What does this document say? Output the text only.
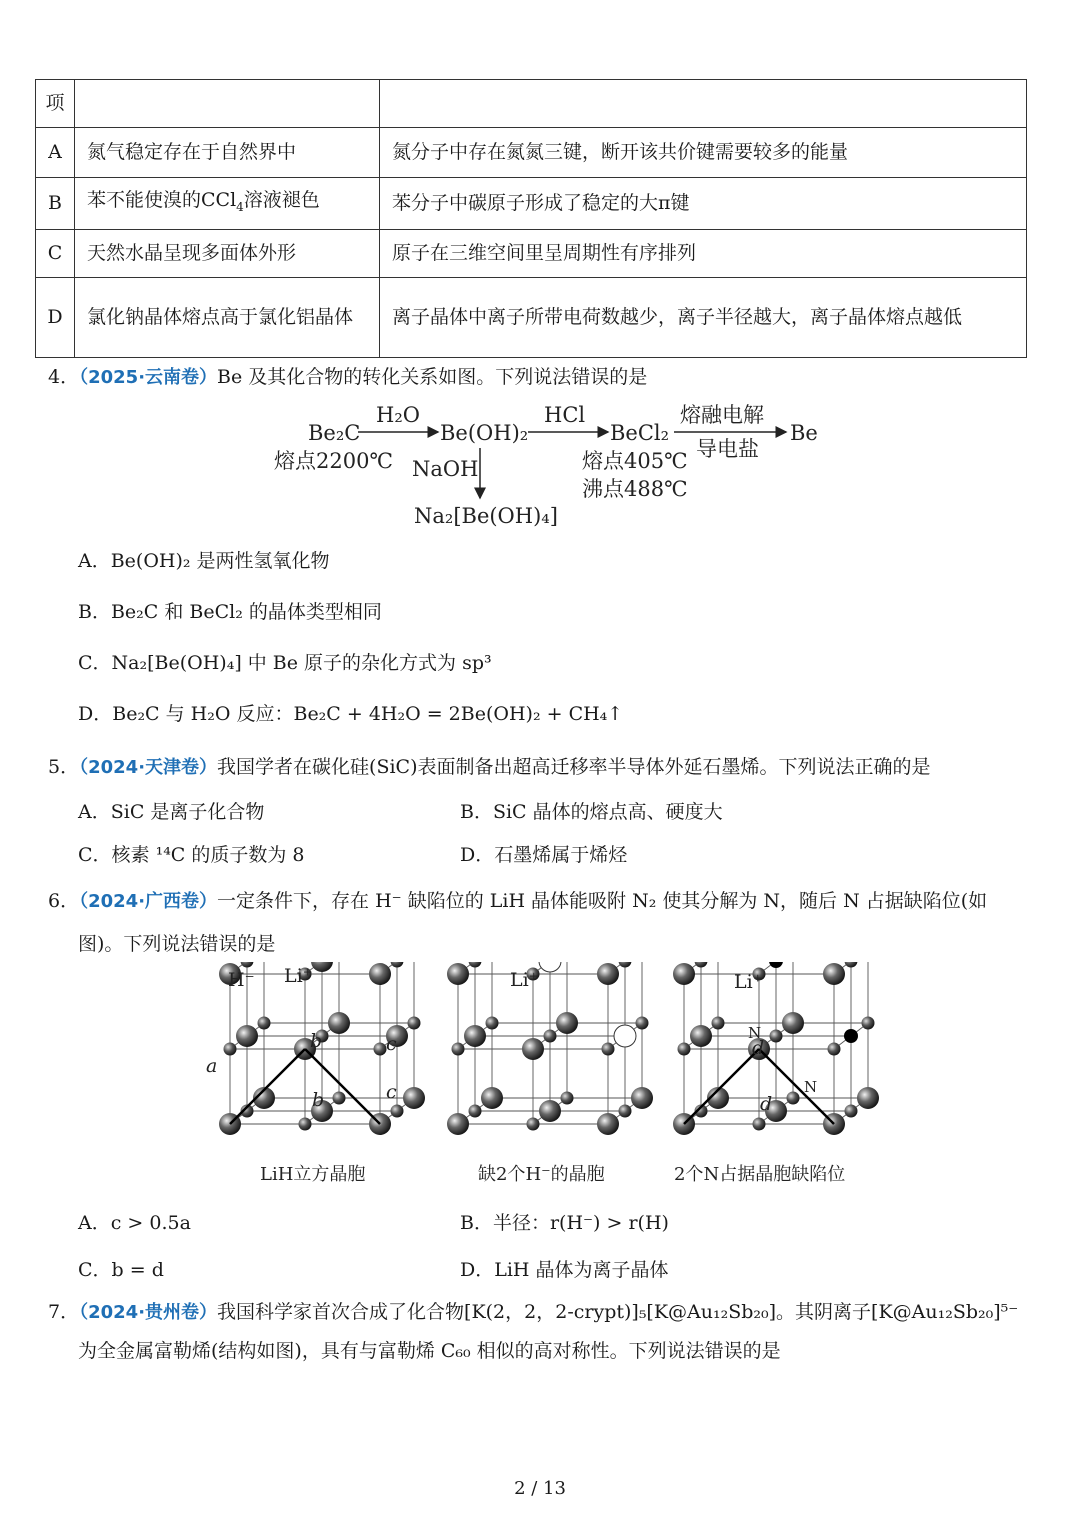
项		
A	氮气稳定存在于自然界中	氮分子中存在氮氮三键，断开该共价键需要较多的能量
B	苯不能使溴的CCl$_4$溶液褪色	苯分子中碳原子形成了稳定的大π键
C	天然水晶呈现多面体外形	原子在三维空间里呈周期性有序排列
D	氯化钠晶体熔点高于氯化铝晶体	离子晶体中离子所带电荷数越少，离子半径越大，离子晶体熔点越低
4．（2025·云南卷）Be 及其化合物的转化关系如图。下列说法错误的是
Be₂C
熔点2200℃
H₂O
Be(OH)₂
NaOH
Na₂[Be(OH)₄]
HCl
BeCl₂
熔点405℃
沸点488℃
熔融电解
导电盐
Be
A．Be(OH)₂ 是两性氢氧化物
B．Be₂C 和 BeCl₂ 的晶体类型相同
C．Na₂[Be(OH)₄] 中 Be 原子的杂化方式为 sp³
D．Be₂C 与 H₂O 反应：Be₂C + 4H₂O = 2Be(OH)₂ + CH₄↑
5．（2024·天津卷）我国学者在碳化硅(SiC)表面制备出超高迁移率半导体外延石墨烯。下列说法正确的是
A．SiC 是离子化合物	B．SiC 晶体的熔点高、硬度大
C．核素 ¹⁴C 的质子数为 8	D．石墨烯属于烯烃
6．（2024·广西卷）一定条件下，存在 H⁻ 缺陷位的 LiH 晶体能吸附 N₂ 使其分解为 N，随后 N 占据缺陷位(如
图)。下列说法错误的是
H⁻ Li⁺	Li⁺	Li⁺
a
b
b
c
c
d
d
N
N
LiH立方晶胞	缺2个H⁻的晶胞	2个N占据晶胞缺陷位
A．c > 0.5a	B．半径：r(H⁻) > r(H)
C．b = d	D．LiH 晶体为离子晶体
7．（2024·贵州卷）我国科学家首次合成了化合物[K(2，2，2-crypt)]₅[K@Au₁₂Sb₂₀]。其阴离子[K@Au₁₂Sb₂₀]⁵⁻
为全金属富勒烯(结构如图)，具有与富勒烯 C₆₀ 相似的高对称性。下列说法错误的是
2 / 13
